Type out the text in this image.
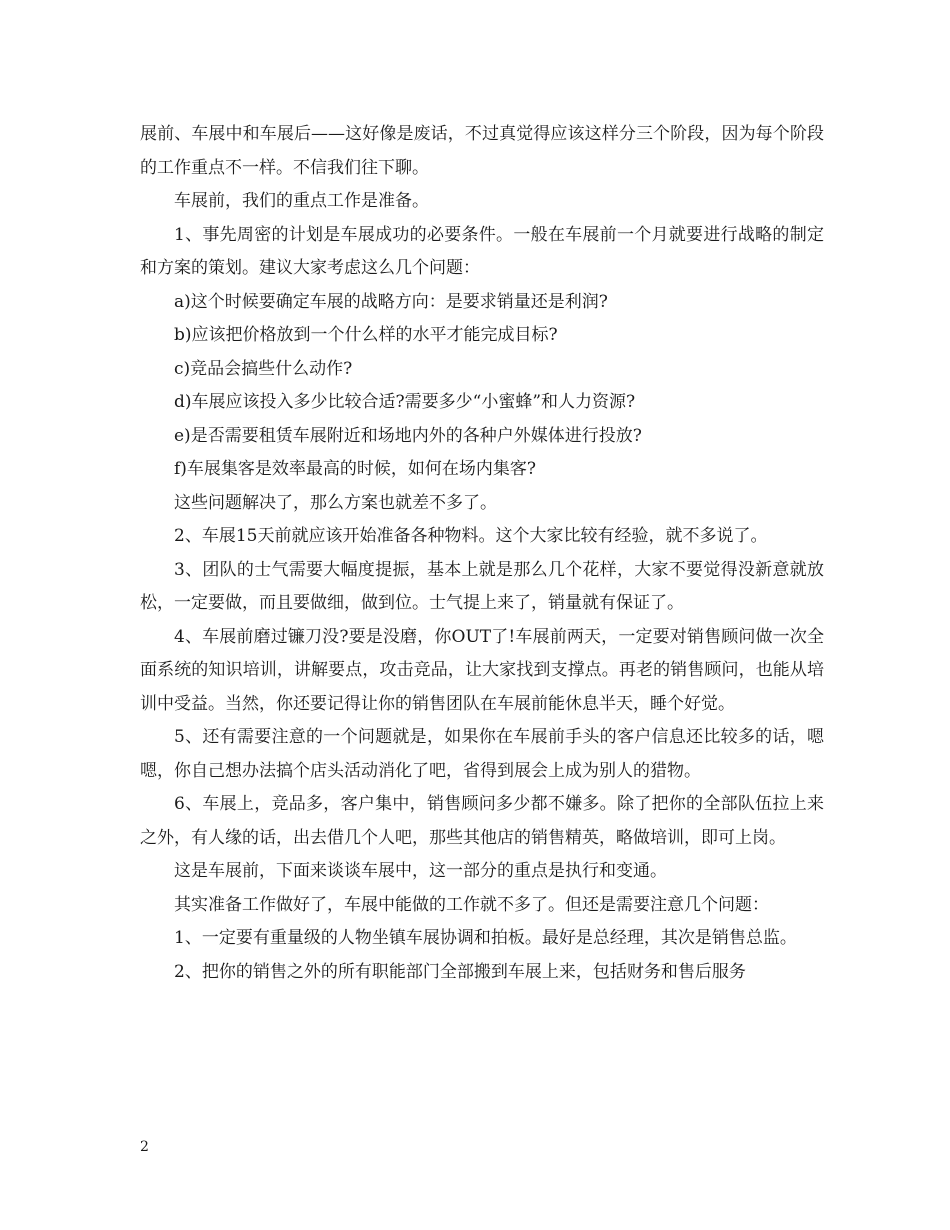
展前、车展中和车展后——这好像是废话，不过真觉得应该这样分三个阶段，因为每个阶段的工作重点不一样。不信我们往下聊。

车展前，我们的重点工作是准备。

1、事先周密的计划是车展成功的必要条件。一般在车展前一个月就要进行战略的制定和方案的策划。建议大家考虑这么几个问题：

a)这个时候要确定车展的战略方向：是要求销量还是利润?

b)应该把价格放到一个什么样的水平才能完成目标?

c)竞品会搞些什么动作?

d)车展应该投入多少比较合适?需要多少“小蜜蜂”和人力资源?

e)是否需要租赁车展附近和场地内外的各种户外媒体进行投放?

f)车展集客是效率最高的时候，如何在场内集客?

这些问题解决了，那么方案也就差不多了。

2、车展15天前就应该开始准备各种物料。这个大家比较有经验，就不多说了。

3、团队的士气需要大幅度提振，基本上就是那么几个花样，大家不要觉得没新意就放松，一定要做，而且要做细，做到位。士气提上来了，销量就有保证了。

4、车展前磨过镰刀没?要是没磨，你OUT了!车展前两天，一定要对销售顾问做一次全面系统的知识培训，讲解要点，攻击竞品，让大家找到支撑点。再老的销售顾问，也能从培训中受益。当然，你还要记得让你的销售团队在车展前能休息半天，睡个好觉。

5、还有需要注意的一个问题就是，如果你在车展前手头的客户信息还比较多的话，嗯嗯，你自己想办法搞个店头活动消化了吧，省得到展会上成为别人的猎物。

6、车展上，竞品多，客户集中，销售顾问多少都不嫌多。除了把你的全部队伍拉上来之外，有人缘的话，出去借几个人吧，那些其他店的销售精英，略做培训，即可上岗。

这是车展前，下面来谈谈车展中，这一部分的重点是执行和变通。

其实准备工作做好了，车展中能做的工作就不多了。但还是需要注意几个问题：

1、一定要有重量级的人物坐镇车展协调和拍板。最好是总经理，其次是销售总监。

2、把你的销售之外的所有职能部门全部搬到车展上来，包括财务和售后服务

2
